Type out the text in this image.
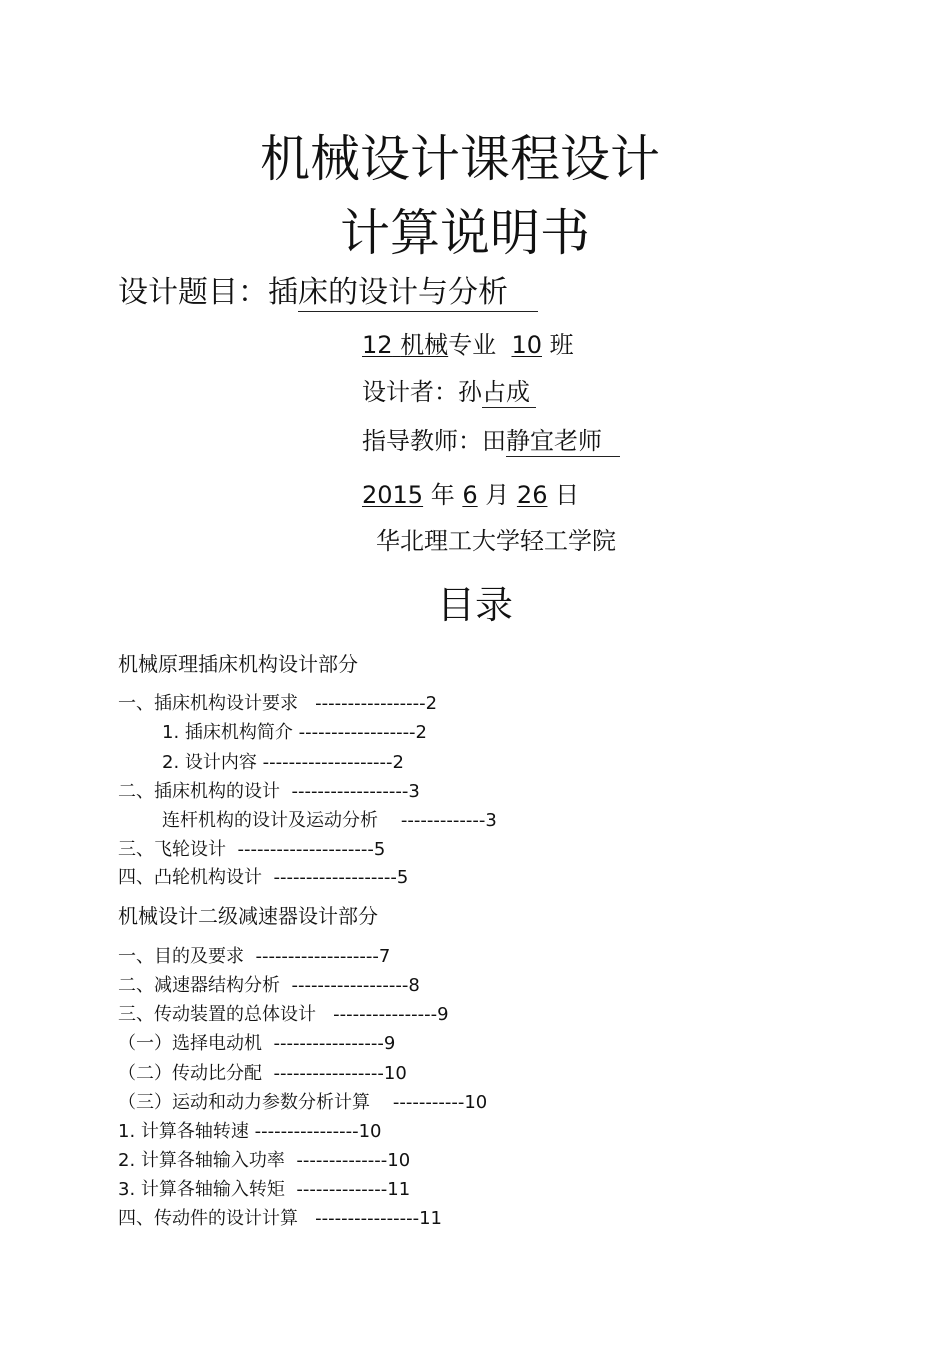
机械设计课程设计
计算说明书
设计题目：插床的设计与分析
12 机械专业 10 班
设计者：孙占成
指导教师：田静宜老师
2015 年 6 月 26 日
华北理工大学轻工学院
目录
机械原理插床机构设计部分
一、插床机构设计要求 -----------------2
1. 插床机构简介 ------------------2
2. 设计内容 --------------------2
二、插床机构的设计 ------------------3
连杆机构的设计及运动分析 -------------3
三、飞轮设计 ---------------------5
四、凸轮机构设计 -------------------5
机械设计二级减速器设计部分
一、目的及要求 -------------------7
二、减速器结构分析 ------------------8
三、传动装置的总体设计 ----------------9
（一）选择电动机 -----------------9
（二）传动比分配 -----------------10
（三）运动和动力参数分析计算 -----------10
1. 计算各轴转速 ----------------10
2. 计算各轴输入功率 --------------10
3. 计算各轴输入转矩 --------------11
四、传动件的设计计算 ----------------11
